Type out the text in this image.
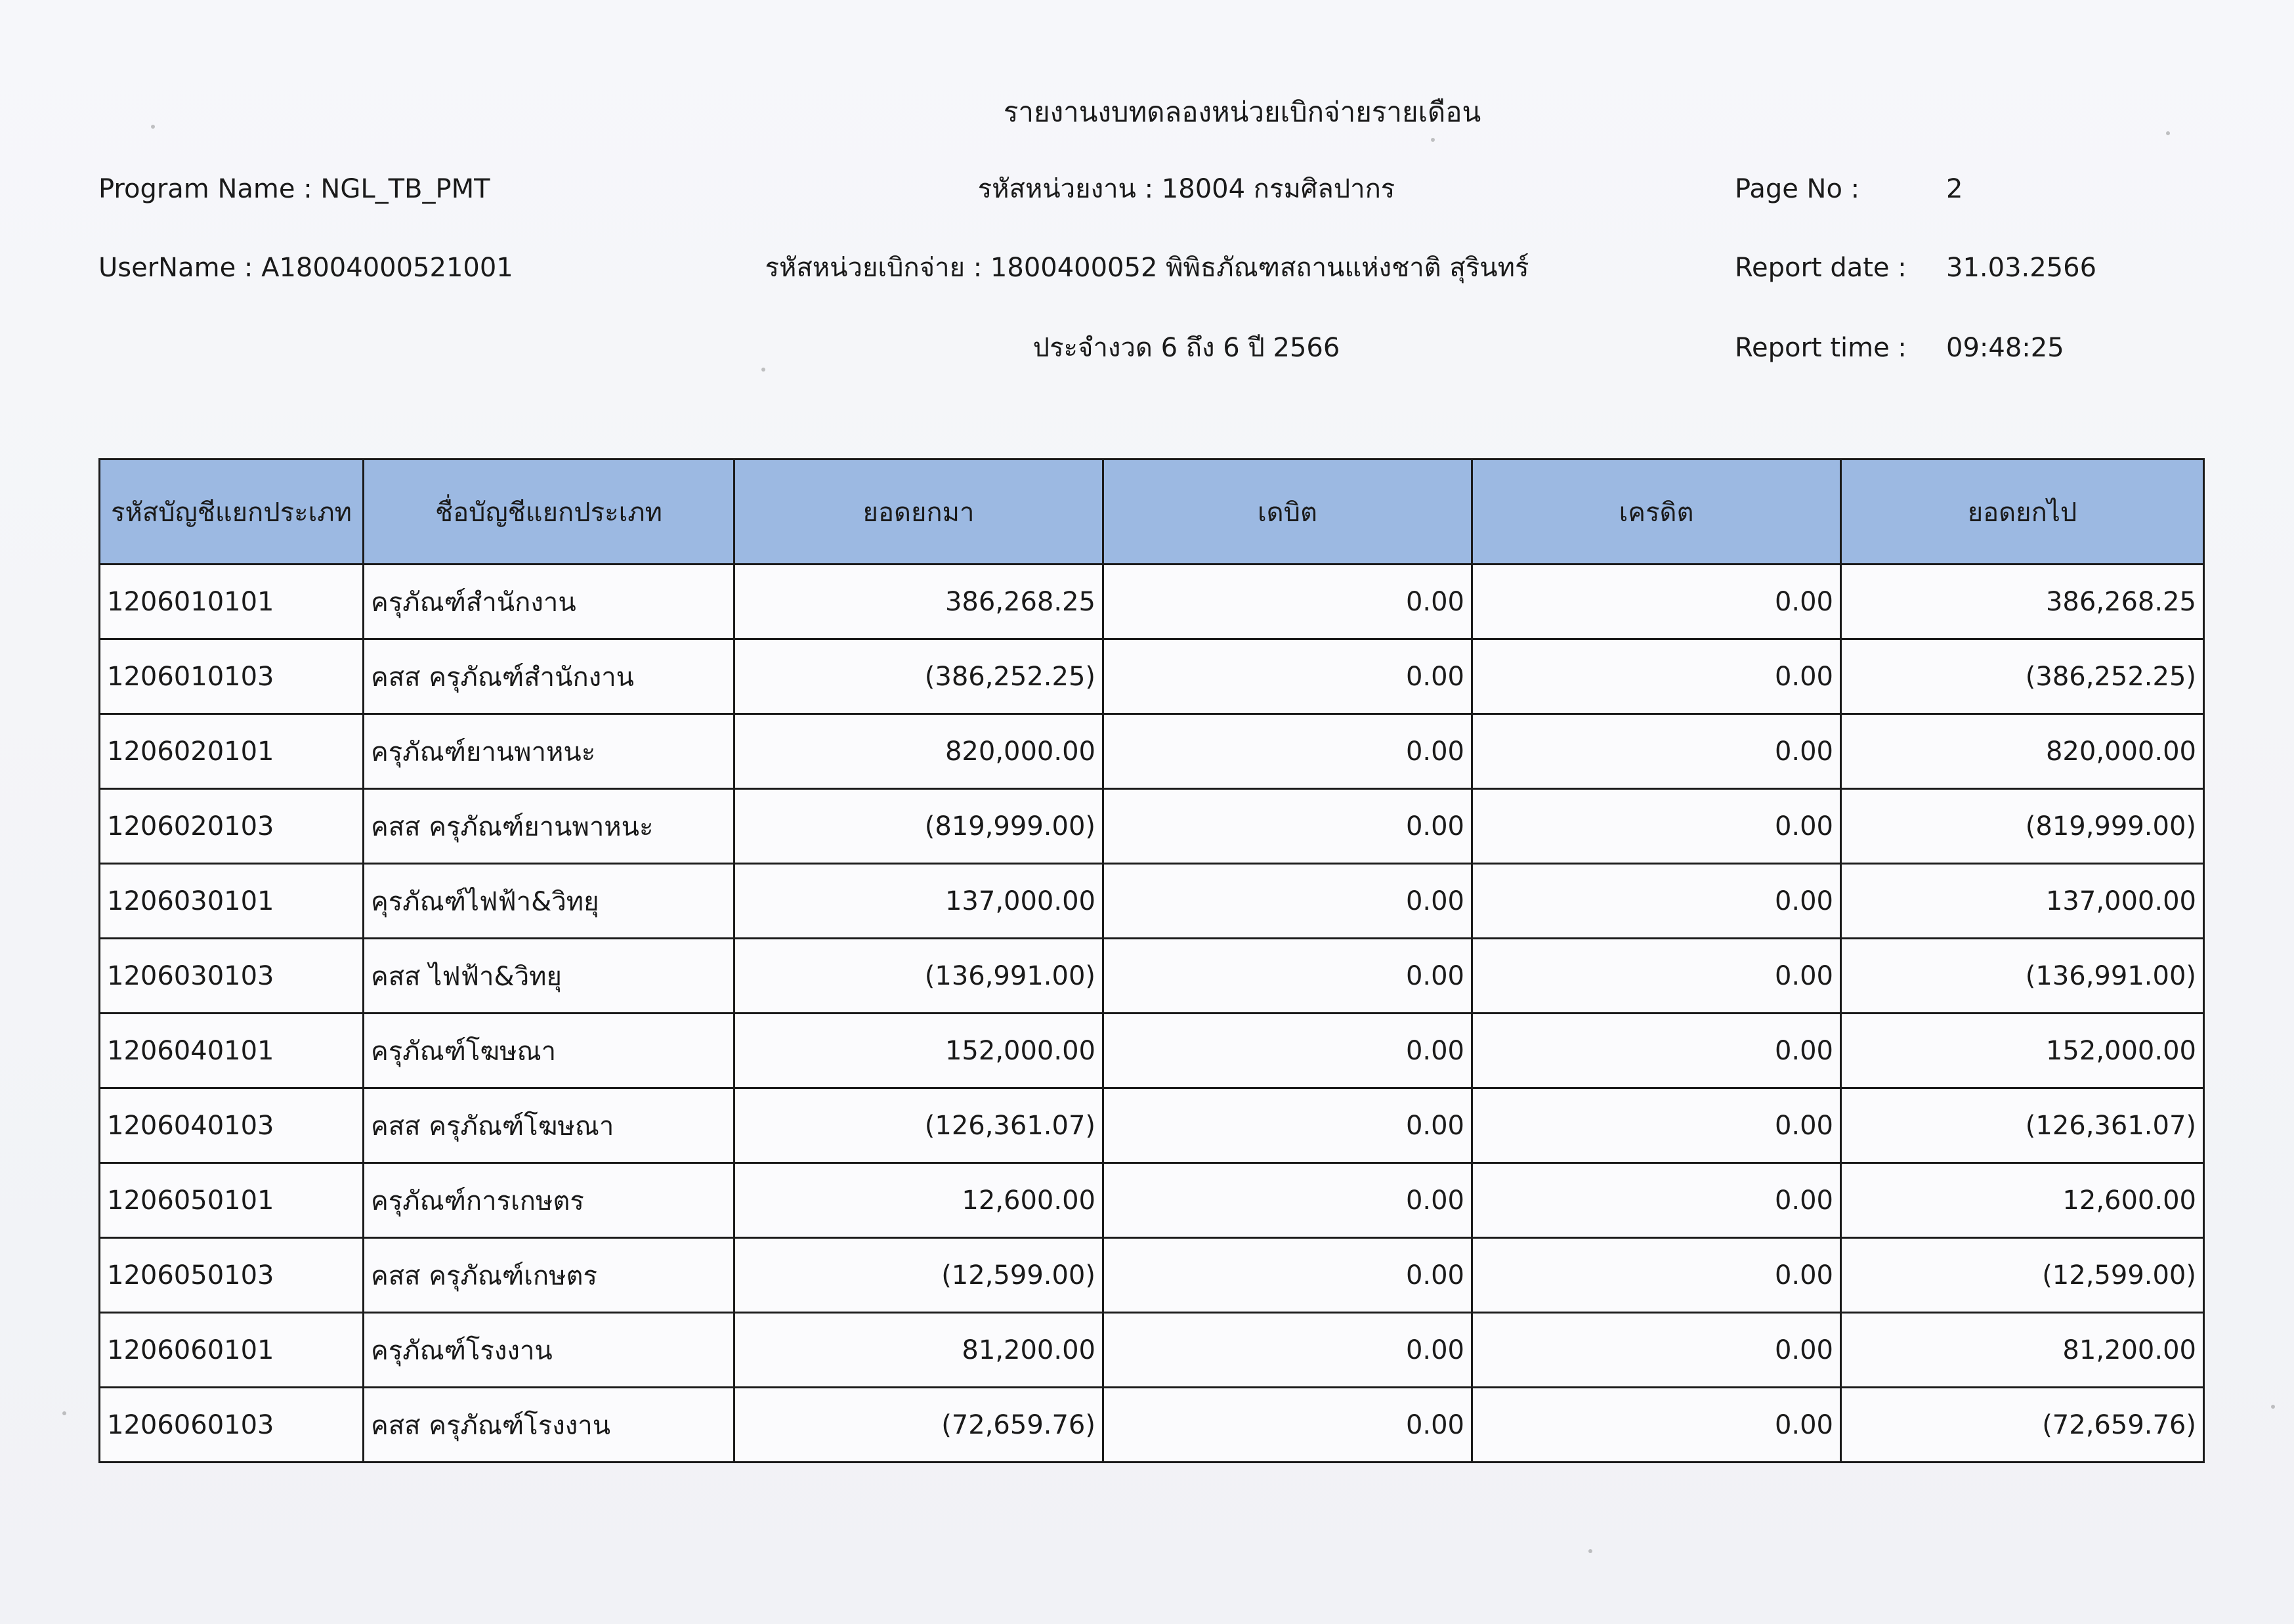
รายงานงบทดลองหน่วยเบิกจ่ายรายเดือน
Program Name : NGL_TB_PMT
UserName : A18004000521001
รหัสหน่วยงาน : 18004 กรมศิลปากร
รหัสหน่วยเบิกจ่าย : 1800400052 พิพิธภัณฑสถานแห่งชาติ สุรินทร์
ประจำงวด 6 ถึง 6 ปี 2566
Page No :	2
Report date : 31.03.2566
Report time : 09:48:25
รหัสบัญชีแยกประเภท	ชื่อบัญชีแยกประเภท	ยอดยกมา	เดบิต	เครดิต	ยอดยกไป
1206010101	ครุภัณฑ์สำนักงาน	386,268.25	0.00	0.00	386,268.25
1206010103	คสส ครุภัณฑ์สำนักงาน	(386,252.25)	0.00	0.00	(386,252.25)
1206020101	ครุภัณฑ์ยานพาหนะ	820,000.00	0.00	0.00	820,000.00
1206020103	คสส ครุภัณฑ์ยานพาหนะ	(819,999.00)	0.00	0.00	(819,999.00)
1206030101	คุรภัณฑ์ไฟฟ้า&วิทยุ	137,000.00	0.00	0.00	137,000.00
1206030103	คสส ไฟฟ้า&วิทยุ	(136,991.00)	0.00	0.00	(136,991.00)
1206040101	ครุภัณฑ์โฆษณา	152,000.00	0.00	0.00	152,000.00
1206040103	คสส ครุภัณฑ์โฆษณา	(126,361.07)	0.00	0.00	(126,361.07)
1206050101	ครุภัณฑ์การเกษตร	12,600.00	0.00	0.00	12,600.00
1206050103	คสส ครุภัณฑ์เกษตร	(12,599.00)	0.00	0.00	(12,599.00)
1206060101	ครุภัณฑ์โรงงาน	81,200.00	0.00	0.00	81,200.00
1206060103	คสส ครุภัณฑ์โรงงาน	(72,659.76)	0.00	0.00	(72,659.76)
